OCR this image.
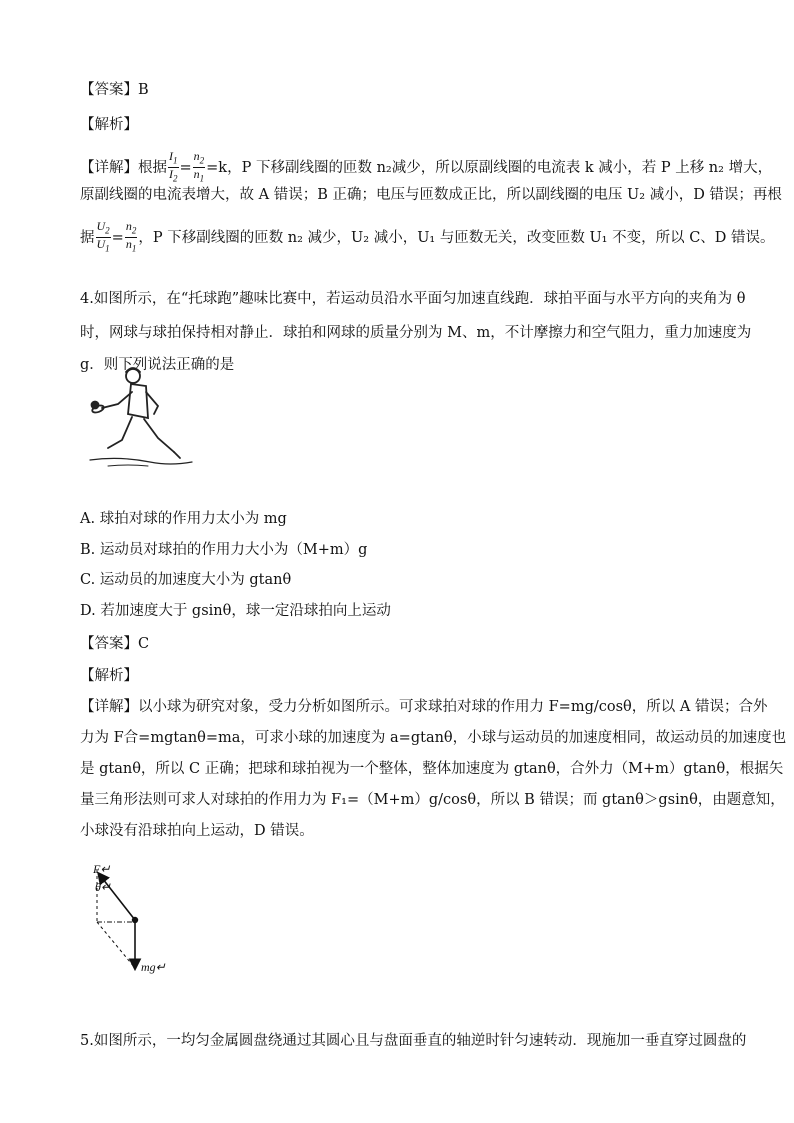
【答案】B
【解析】
【详解】根据 $\frac{I_1}{I_2} = \frac{n_2}{n_1} =k$，P 下移副线圈的匝数 n₂减少，所以原副线圈的电流表 k 减小，若 P 上移 n₂ 增大，
原副线圈的电流表增大，故 A 错误；B 正确；电压与匝数成正比，所以副线圈的电压 U₂ 减小，D 错误；再根
据 $\frac{U_2}{U_1} = \frac{n_2}{n_1}$ ，P 下移副线圈的匝数 n₂ 减少，U₂ 减小，U₁ 与匝数无关，改变匝数 U₁ 不变，所以 C、D 错误。
4.如图所示，在“托球跑”趣味比赛中，若运动员沿水平面匀加速直线跑．球拍平面与水平方向的夹角为 θ
时，网球与球拍保持相对静止．球拍和网球的质量分别为 M、m，不计摩擦力和空气阻力，重力加速度为
g．则下列说法正确的是
A. 球拍对球的作用力太小为 mg
B. 运动员对球拍的作用力大小为（M+m）g
C. 运动员的加速度大小为 gtanθ
D. 若加速度大于 gsinθ，球一定沿球拍向上运动
【答案】C
【解析】
【详解】以小球为研究对象，受力分析如图所示。可求球拍对球的作用力 F=mg/cosθ，所以 A 错误；合外
力为 F合=mgtanθ=ma，可求小球的加速度为 a=gtanθ，小球与运动员的加速度相同，故运动员的加速度也
是 gtanθ，所以 C 正确；把球和球拍视为一个整体，整体加速度为 gtanθ，合外力（M+m）gtanθ，根据矢
量三角形法则可求人对球拍的作用力为 F₁=（M+m）g/cosθ，所以 B 错误；而 gtanθ＞gsinθ，由题意知，
小球没有沿球拍向上运动，D 错误。
F↵
θ↵
mg↵
5.如图所示，一均匀金属圆盘绕通过其圆心且与盘面垂直的轴逆时针匀速转动．现施加一垂直穿过圆盘的
